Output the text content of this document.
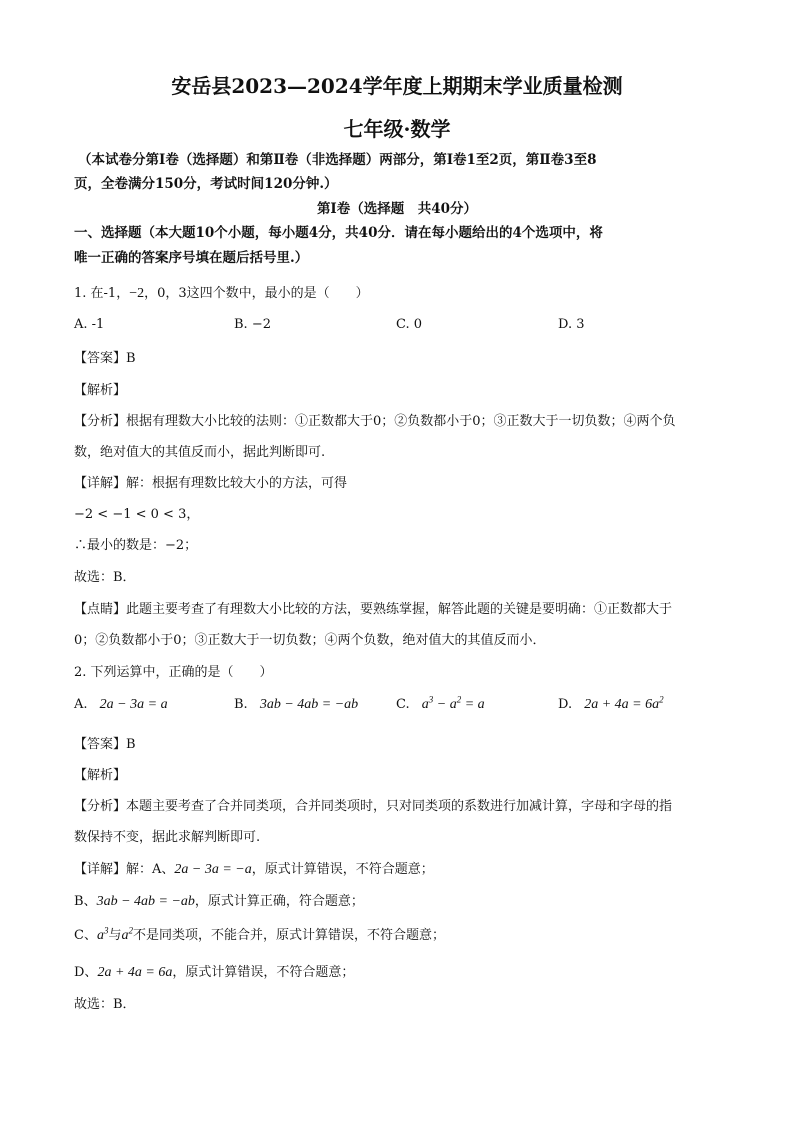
安岳县2023—2024学年度上期期末学业质量检测
七年级·数学
（本试卷分第Ⅰ卷（选择题）和第Ⅱ卷（非选择题）两部分，第Ⅰ卷1至2页，第Ⅱ卷3至8
页，全卷满分150分，考试时间120分钟.）
第Ⅰ卷（选择题　共40分）
一、选择题（本大题10个小题，每小题4分，共40分．请在每小题给出的4个选项中，将
唯一正确的答案序号填在题后括号里.）
1. 在-1，−2，0，3这四个数中，最小的是（　　）
A. -1	B. −2	C. 0	D. 3
【答案】B
【解析】
【分析】根据有理数大小比较的法则：①正数都大于0；②负数都小于0；③正数大于一切负数；④两个负
数，绝对值大的其值反而小，据此判断即可.
【详解】解：根据有理数比较大小的方法，可得
−2 < −1 < 0 < 3，
∴最小的数是：−2；
故选：B．
【点睛】此题主要考查了有理数大小比较的方法，要熟练掌握，解答此题的关键是要明确：①正数都大于
0；②负数都小于0；③正数大于一切负数；④两个负数，绝对值大的其值反而小．
2. 下列运算中，正确的是（　　）
A. 2a − 3a = a	B. 3ab − 4ab = −ab	C. $a^3 - a^2 = a$	D. $2a + 4a = 6a^2$
【答案】B
【解析】
【分析】本题主要考查了合并同类项，合并同类项时，只对同类项的系数进行加减计算，字母和字母的指
数保持不变，据此求解判断即可.
【详解】解：A、2a − 3a = −a，原式计算错误，不符合题意；
B、3ab − 4ab = −ab，原式计算正确，符合题意；
C、$a^3$与$a^2$不是同类项，不能合并，原式计算错误，不符合题意；
D、2a + 4a = 6a，原式计算错误，不符合题意；
故选：B．
